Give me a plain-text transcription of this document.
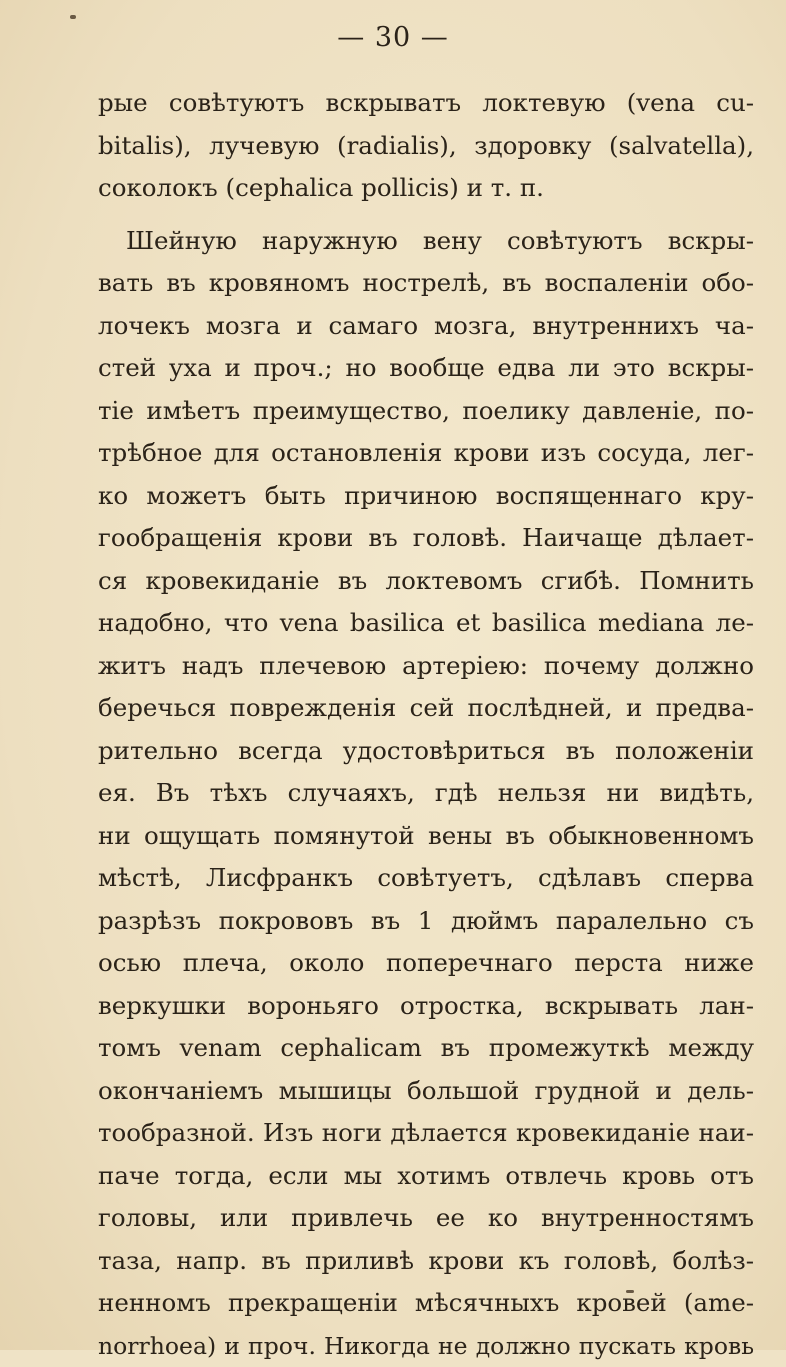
— 30 —
рые совѣтуютъ вскрыватъ локтевую (vena cu-
bitalis), лучевую (radialis), здоровку (salvatella),
соколокъ (cephalica pollicis) и т. п.
Шейную наружную вену совѣтуютъ вскры-
вать въ кровяномъ нострелѣ, въ воспаленіи обо-
лочекъ мозга и самаго мозга, внутреннихъ ча-
стей уха и проч.; но вообще едва ли это вскры-
тіе имѣетъ преимущество, поелику давленіе, по-
трѣбное для остановленія крови изъ сосуда, лег-
ко можетъ быть причиною воспященнаго кру-
гообращенія крови въ головѣ. Наичаще дѣлает-
ся кровекиданіе въ локтевомъ сгибѣ. Помнить
надобно, что vena basilica et basilica mediana ле-
житъ надъ плечевою артеріею: почему должно
беречься поврежденія сей послѣдней, и предва-
рительно всегда удостовѣриться въ положеніи
ея. Въ тѣхъ случаяхъ, гдѣ нельзя ни видѣть,
ни ощущать помянутой вены въ обыкновенномъ
мѣстѣ, Лисфранкъ совѣтуетъ, сдѣлавъ сперва
разрѣзъ покрововъ въ 1 дюймъ паралельно съ
осью плеча, около поперечнаго перста ниже
веркушки вороньяго отростка, вскрывать лан-
томъ venam cephalicam въ промежуткѣ между
окончаніемъ мышицы большой грудной и дель-
тообразной. Изъ ноги дѣлается кровекиданіе наи-
паче тогда, если мы хотимъ отвлечь кровь отъ
головы, или привлечь ее ко внутренностямъ
таза, напр. въ приливѣ крови къ головѣ, болѣз-
ненномъ прекращеніи мѣсячныхъ кровей (ame-
norrhoea) и проч. Никогда не должно пускать кровь
